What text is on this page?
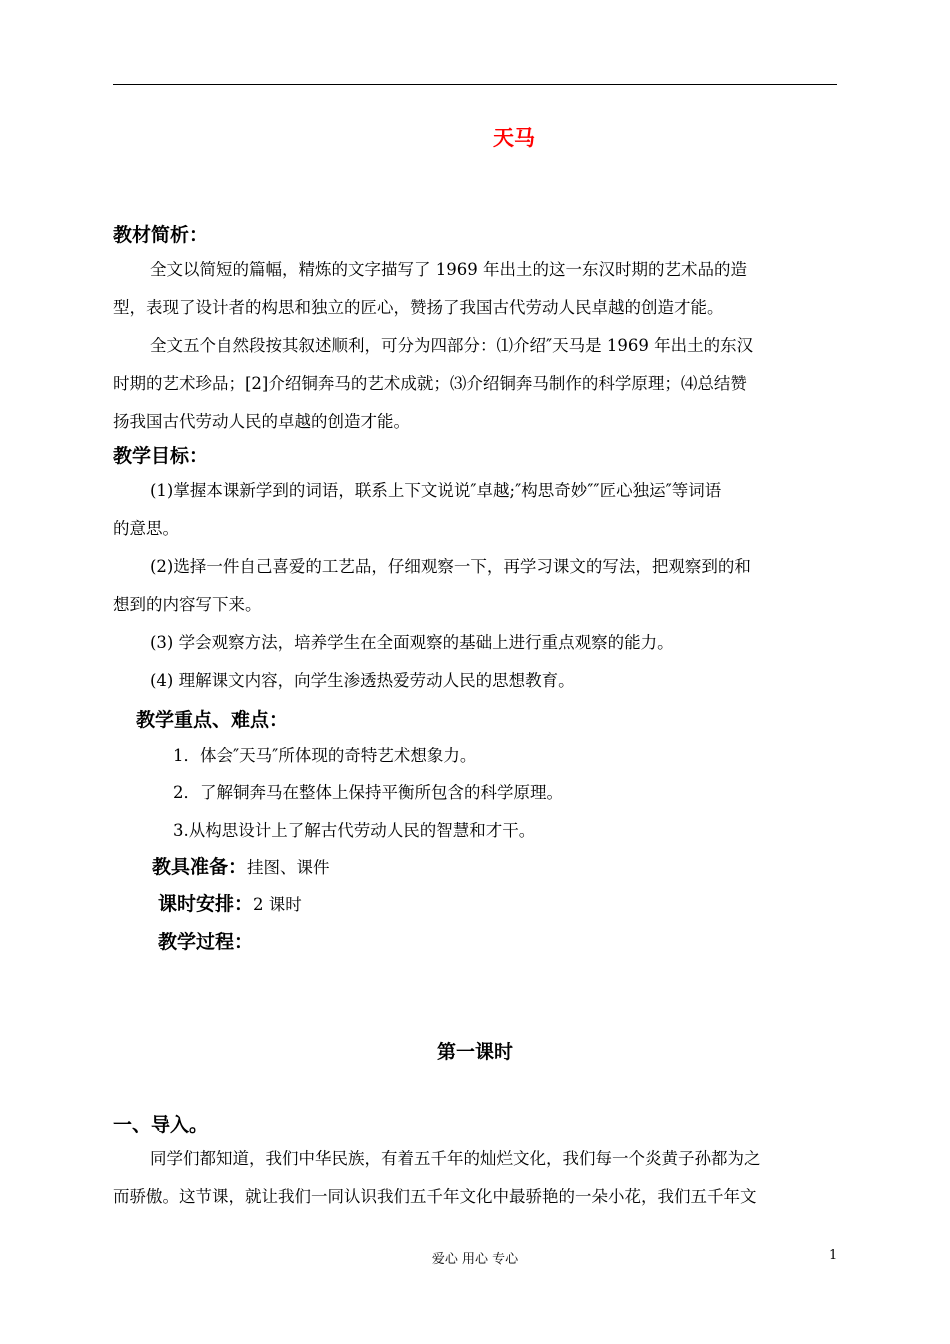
天马
教材简析：
全文以简短的篇幅，精炼的文字描写了 1969 年出土的这一东汉时期的艺术品的造
型，表现了设计者的构思和独立的匠心，赞扬了我国古代劳动人民卓越的创造才能。
全文五个自然段按其叙述顺利，可分为四部分：⑴介绍″天马是 1969 年出土的东汉
时期的艺术珍品；[2]介绍铜奔马的艺术成就；⑶介绍铜奔马制作的科学原理；⑷总结赞
扬我国古代劳动人民的卓越的创造才能。
教学目标：
(1)掌握本课新学到的词语，联系上下文说说″卓越;″构思奇妙″″匠心独运″等词语
的意思。
(2)选择一件自己喜爱的工艺品，仔细观察一下，再学习课文的写法，把观察到的和
想到的内容写下来。
(3) 学会观察方法，培养学生在全面观察的基础上进行重点观察的能力。
(4) 理解课文内容，向学生渗透热爱劳动人民的思想教育。
教学重点、难点：
1．体会″天马″所体现的奇特艺术想象力。
2．了解铜奔马在整体上保持平衡所包含的科学原理。
3.从构思设计上了解古代劳动人民的智慧和才干。
教具准备：挂图、课件
课时安排：2 课时
教学过程：
第一课时
一、导入。
同学们都知道，我们中华民族，有着五千年的灿烂文化，我们每一个炎黄子孙都为之
而骄傲。这节课，就让我们一同认识我们五千年文化中最骄艳的一朵小花，我们五千年文
爱心 用心 专心	1
